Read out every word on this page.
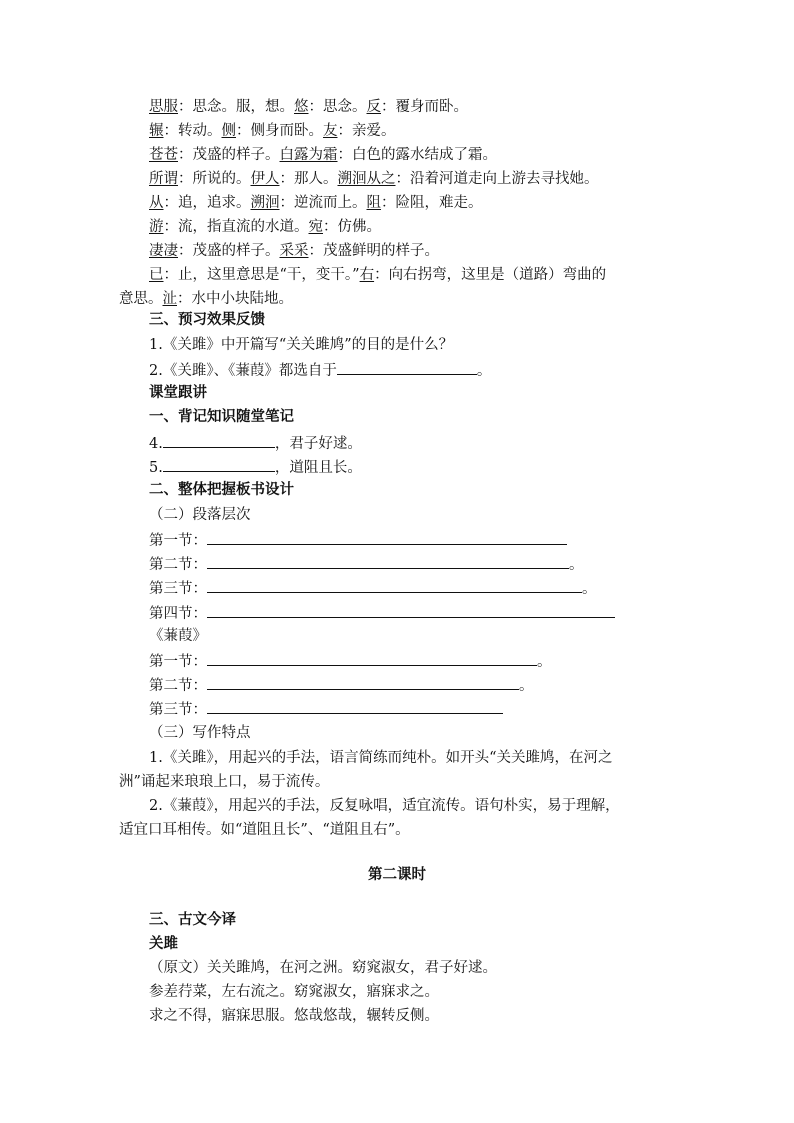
思服：思念。服，想。悠：思念。反：覆身而卧。
辗：转动。侧：侧身而卧。友：亲爱。
苍苍：茂盛的样子。白露为霜：白色的露水结成了霜。
所谓：所说的。伊人：那人。溯洄从之：沿着河道走向上游去寻找她。
从：追，追求。溯洄：逆流而上。阻：险阻，难走。
游：流，指直流的水道。宛：仿佛。
凄凄：茂盛的样子。采采：茂盛鲜明的样子。
已：止，这里意思是“干，变干。”右：向右拐弯，这里是（道路）弯曲的
意思。沚：水中小块陆地。
三、预习效果反馈
1.《关雎》中开篇写“关关雎鸠”的目的是什么？
2.《关雎》、《蒹葭》都选自于	。
课堂跟讲
一、背记知识随堂笔记
4.	，君子好逑。
5.	，道阻且长。
二、整体把握板书设计
（二）段落层次
第一节：
第二节：	。
第三节：	。
第四节：
《蒹葭》
第一节：	。
第二节：	。
第三节：
（三）写作特点
1.《关雎》，用起兴的手法，语言简练而纯朴。如开头“关关雎鸠，在河之
洲”诵起来琅琅上口，易于流传。
2.《蒹葭》，用起兴的手法，反复咏唱，适宜流传。语句朴实，易于理解，
适宜口耳相传。如“道阻且长”、“道阻且右”。
第二课时
三、古文今译
关雎
（原文）关关雎鸠，在河之洲。窈窕淑女，君子好逑。
参差荇菜，左右流之。窈窕淑女，寤寐求之。
求之不得，寤寐思服。悠哉悠哉，辗转反侧。
